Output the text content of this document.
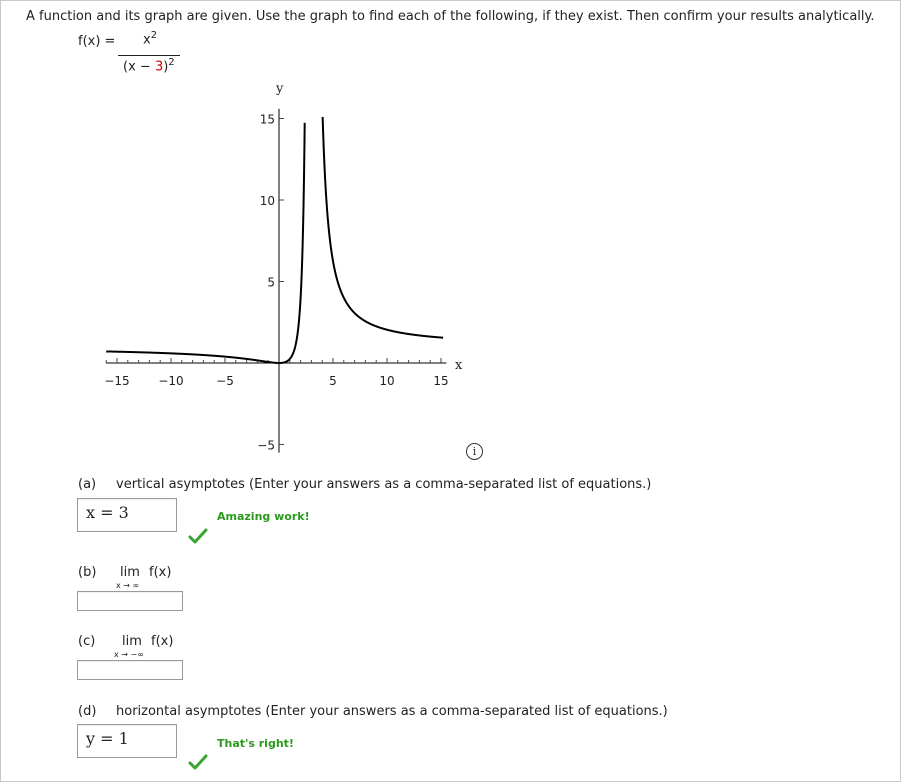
A function and its graph are given. Use the graph to find each of the following, if they exist. Then confirm your results analytically.
$f(x) = x^2$
$(x - 3)^2$
−15 −10	−5	5	10	15
15
10
5
−5
x
y
i
(a) vertical asymptotes (Enter your answers as a comma-separated list of equations.)
x = 3	Amazing work!
(b) lim f(x)
x → ∞
(c) lim f(x)
x → −∞
(d) horizontal asymptotes (Enter your answers as a comma-separated list of equations.)
y = 1	That's right!
